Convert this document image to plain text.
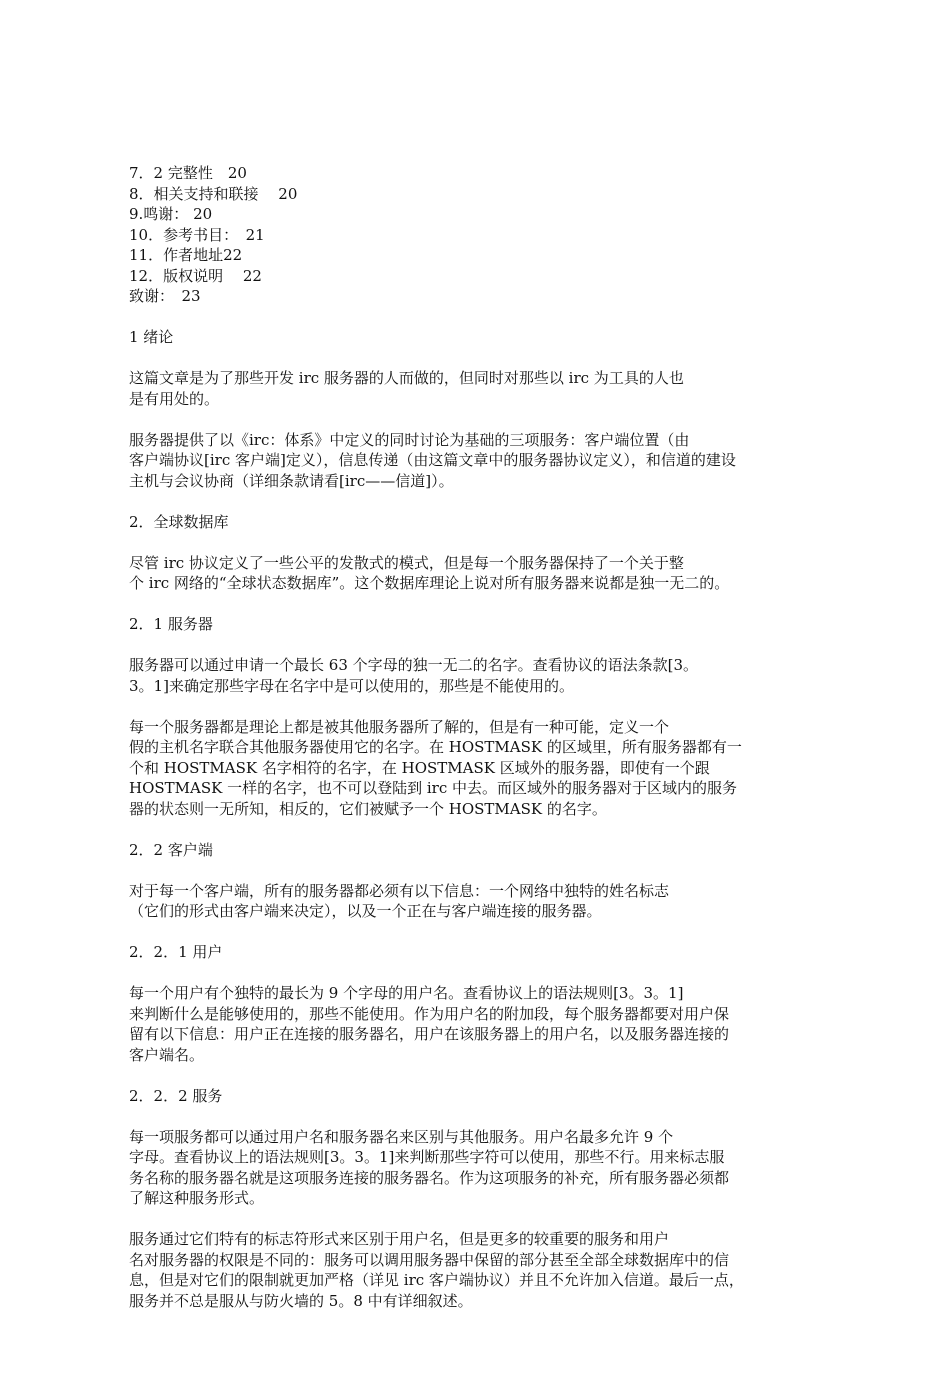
7．2 完整性　20
8．相关支持和联接　 20
9.鸣谢： 20
10．参考书目：　21
11．作者地址22
12．版权说明　 22
致谢：　23
1 绪论
这篇文章是为了那些开发 irc 服务器的人而做的，但同时对那些以 irc 为工具的人也
是有用处的。
服务器提供了以《irc：体系》中定义的同时讨论为基础的三项服务：客户端位置（由
客户端协议[irc 客户端]定义），信息传递（由这篇文章中的服务器协议定义），和信道的建设
主机与会议协商（详细条款请看[irc——信道]）。
2．全球数据库
尽管 irc 协议定义了一些公平的发散式的模式，但是每一个服务器保持了一个关于整
个 irc 网络的“全球状态数据库”。这个数据库理论上说对所有服务器来说都是独一无二的。
2．1 服务器
服务器可以通过申请一个最长 63 个字母的独一无二的名字。查看协议的语法条款[3。
3。1]来确定那些字母在名字中是可以使用的，那些是不能使用的。
每一个服务器都是理论上都是被其他服务器所了解的，但是有一种可能，定义一个
假的主机名字联合其他服务器使用它的名字。在 HOSTMASK 的区域里，所有服务器都有一
个和 HOSTMASK 名字相符的名字，在 HOSTMASK 区域外的服务器，即使有一个跟
HOSTMASK 一样的名字，也不可以登陆到 irc 中去。而区域外的服务器对于区域内的服务
器的状态则一无所知，相反的，它们被赋予一个 HOSTMASK 的名字。
2．2 客户端
对于每一个客户端，所有的服务器都必须有以下信息：一个网络中独特的姓名标志
（它们的形式由客户端来决定），以及一个正在与客户端连接的服务器。
2．2．1 用户
每一个用户有个独特的最长为 9 个字母的用户名。查看协议上的语法规则[3。3。1]
来判断什么是能够使用的，那些不能使用。作为用户名的附加段，每个服务器都要对用户保
留有以下信息：用户正在连接的服务器名，用户在该服务器上的用户名，以及服务器连接的
客户端名。
2．2．2 服务
每一项服务都可以通过用户名和服务器名来区别与其他服务。用户名最多允许 9 个
字母。查看协议上的语法规则[3。3。1]来判断那些字符可以使用，那些不行。用来标志服
务名称的服务器名就是这项服务连接的服务器名。作为这项服务的补充，所有服务器必须都
了解这种服务形式。
服务通过它们特有的标志符形式来区别于用户名，但是更多的较重要的服务和用户
名对服务器的权限是不同的：服务可以调用服务器中保留的部分甚至全部全球数据库中的信
息，但是对它们的限制就更加严格（详见 irc 客户端协议）并且不允许加入信道。最后一点，
服务并不总是服从与防火墙的 5。8 中有详细叙述。
